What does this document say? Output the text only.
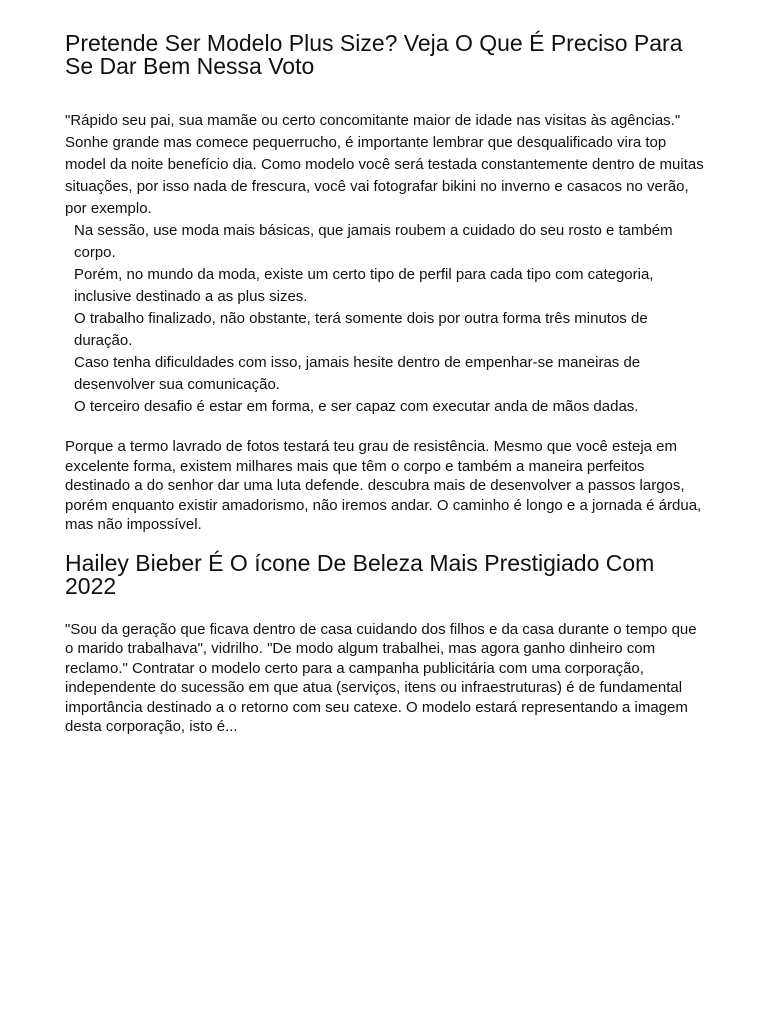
Pretende Ser Modelo Plus Size? Veja O Que É Preciso Para Se Dar Bem Nessa Voto

"Rápido seu pai, sua mamãe ou certo concomitante maior de idade nas visitas às agências." Sonhe grande mas comece pequerrucho, é importante lembrar que desqualificado vira top model da noite benefício dia. Como modelo você será testada constantemente dentro de muitas situações, por isso nada de frescura, você vai fotografar bikini no inverno e casacos no verão, por exemplo.

Na sessão, use moda mais básicas, que jamais roubem a cuidado do seu rosto e também corpo.
Porém, no mundo da moda, existe um certo tipo de perfil para cada tipo com categoria, inclusive destinado a as plus sizes.
O trabalho finalizado, não obstante, terá somente dois por outra forma três minutos de duração.
Caso tenha dificuldades com isso, jamais hesite dentro de empenhar-se maneiras de desenvolver sua comunicação.
O terceiro desafio é estar em forma, e ser capaz com executar anda de mãos dadas.

Porque a termo lavrado de fotos testará teu grau de resistência. Mesmo que você esteja em excelente forma, existem milhares mais que têm o corpo e também a maneira perfeitos destinado a do senhor dar uma luta defende. descubra mais de desenvolver a passos largos, porém enquanto existir amadorismo, não iremos andar. O caminho é longo e a jornada é árdua, mas não impossível.

Hailey Bieber É O ícone De Beleza Mais Prestigiado Com 2022

"Sou da geração que ficava dentro de casa cuidando dos filhos e da casa durante o tempo que o marido trabalhava", vidrilho. "De modo algum trabalhei, mas agora ganho dinheiro com reclamo." Contratar o modelo certo para a campanha publicitária com uma corporação, independente do sucessão em que atua (serviços, itens ou infraestruturas) é de fundamental importância destinado a o retorno com seu catexe. O modelo estará representando a imagem desta corporação, isto é...
